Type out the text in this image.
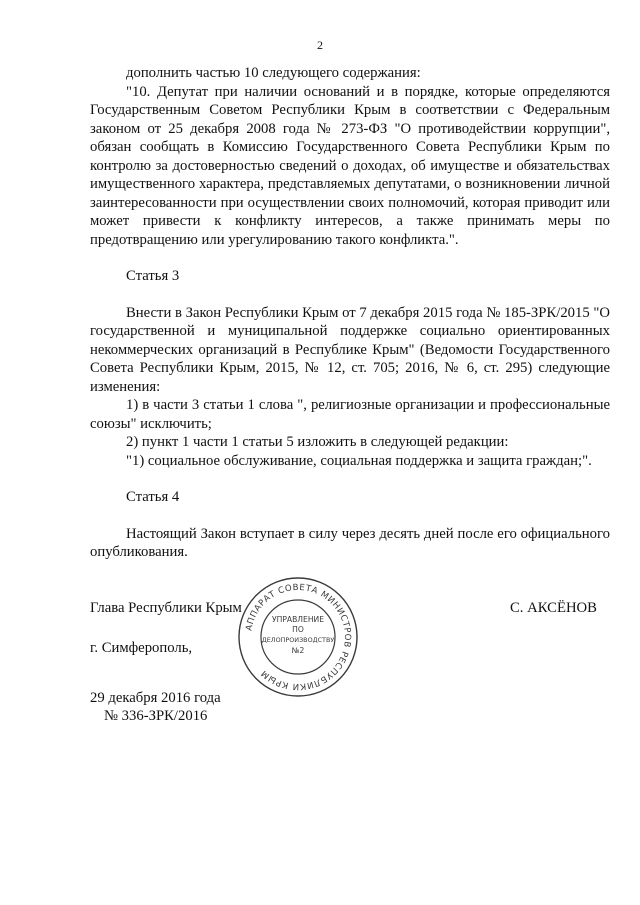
2

дополнить частью 10 следующего содержания:

"10. Депутат при наличии оснований и в порядке, которые определяются Государственным Советом Республики Крым в соответствии с Федеральным законом от 25 декабря 2008 года № 273-ФЗ "О противодействии коррупции", обязан сообщать в Комиссию Государственного Совета Республики Крым по контролю за достоверностью сведений о доходах, об имуществе и обязательствах имущественного характера, представляемых депутатами, о возникновении личной заинтересованности при осуществлении своих полномочий, которая приводит или может привести к конфликту интересов, а также принимать меры по предотвращению или урегулированию такого конфликта.".

Статья 3

Внести в Закон Республики Крым от 7 декабря 2015 года № 185-ЗРК/2015 "О государственной и муниципальной поддержке социально ориентированных некоммерческих организаций в Республике Крым" (Ведомости Государственного Совета Республики Крым, 2015, № 12, ст. 705; 2016, № 6, ст. 295) следующие изменения:

1) в части 3 статьи 1 слова ", религиозные организации и профессиональные союзы" исключить;

2) пункт 1 части 1 статьи 5 изложить в следующей редакции:

"1) социальное обслуживание, социальная поддержка и защита граждан;".

Статья 4

Настоящий Закон вступает в силу через десять дней после его официального опубликования.

Глава Республики Крым	С. АКСЁНОВ
г. Симферополь,
29 декабря 2016 года
№ 336-ЗРК/2016
АППАРАТ СОВЕТА МИНИСТРОВ РЕСПУБЛИКИ КРЫМ
УПРАВЛЕНИЕ
ПО
ДЕЛОПРОИЗВОДСТВУ
№2
